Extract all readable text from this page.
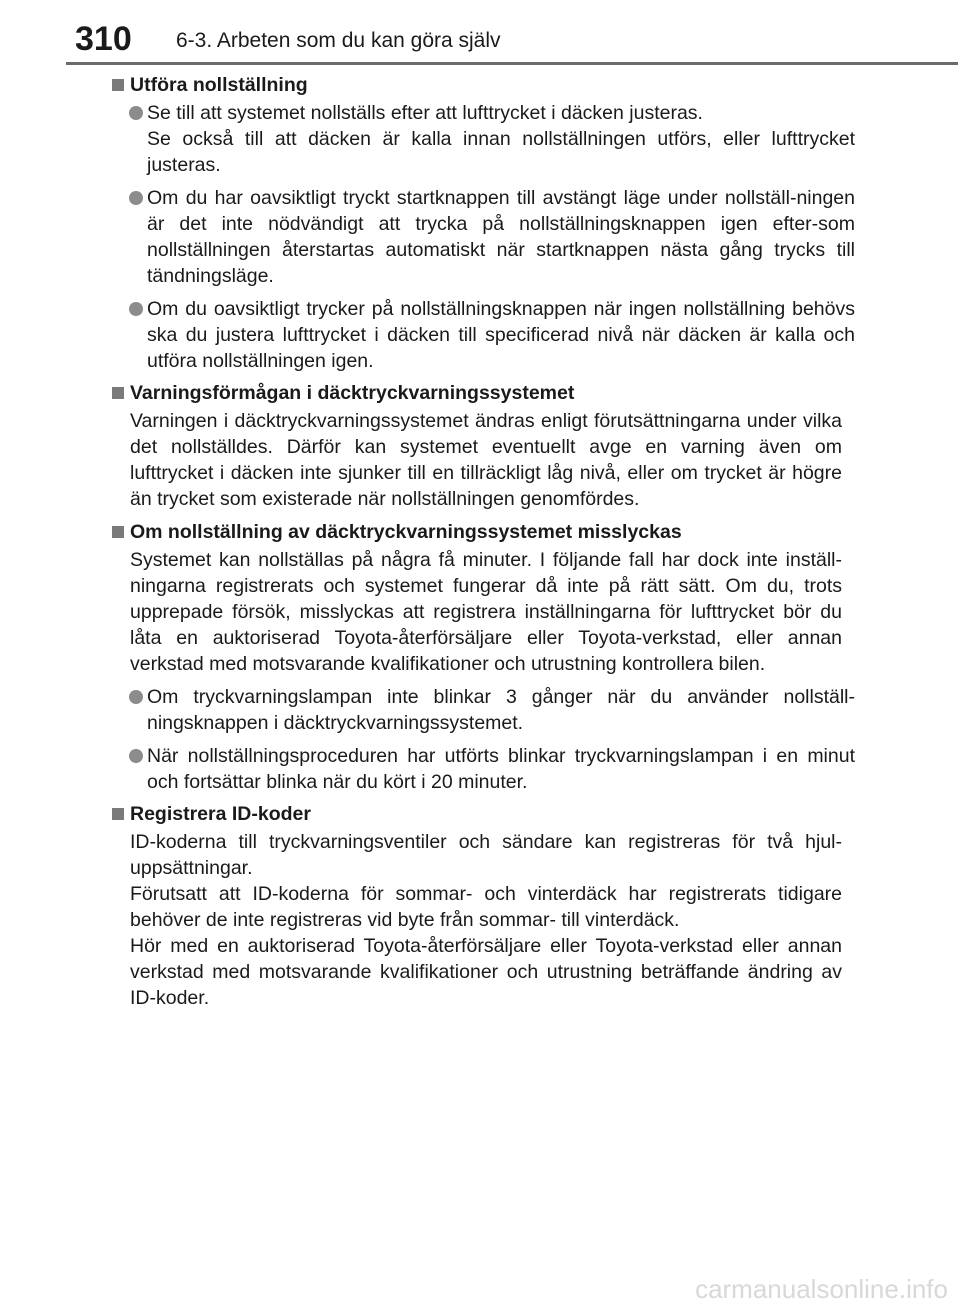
310 6-3. Arbeten som du kan göra själv
Utföra nollställning
Se till att systemet nollställs efter att lufttrycket i däcken justeras.
Se också till att däcken är kalla innan nollställningen utförs, eller lufttrycket justeras.
Om du har oavsiktligt tryckt startknappen till avstängt läge under nollställ-ningen är det inte nödvändigt att trycka på nollställningsknappen igen efter-som nollställningen återstartas automatiskt när startknappen nästa gång trycks till tändningsläge.
Om du oavsiktligt trycker på nollställningsknappen när ingen nollställning behövs ska du justera lufttrycket i däcken till specificerad nivå när däcken är kalla och utföra nollställningen igen.
Varningsförmågan i däcktryckvarningssystemet
Varningen i däcktryckvarningssystemet ändras enligt förutsättningarna under vilka det nollställdes. Därför kan systemet eventuellt avge en varning även om lufttrycket i däcken inte sjunker till en tillräckligt låg nivå, eller om trycket är högre än trycket som existerade när nollställningen genomfördes.
Om nollställning av däcktryckvarningssystemet misslyckas
Systemet kan nollställas på några få minuter. I följande fall har dock inte inställ-ningarna registrerats och systemet fungerar då inte på rätt sätt. Om du, trots upprepade försök, misslyckas att registrera inställningarna för lufttrycket bör du låta en auktoriserad Toyota-återförsäljare eller Toyota-verkstad, eller annan verkstad med motsvarande kvalifikationer och utrustning kontrollera bilen.
Om tryckvarningslampan inte blinkar 3 gånger när du använder nollställ-ningsknappen i däcktryckvarningssystemet.
När nollställningsproceduren har utförts blinkar tryckvarningslampan i en minut och fortsättar blinka när du kört i 20 minuter.
Registrera ID-koder
ID-koderna till tryckvarningsventiler och sändare kan registreras för två hjul-uppsättningar.
Förutsatt att ID-koderna för sommar- och vinterdäck har registrerats tidigare behöver de inte registreras vid byte från sommar- till vinterdäck.
Hör med en auktoriserad Toyota-återförsäljare eller Toyota-verkstad eller annan verkstad med motsvarande kvalifikationer och utrustning beträffande ändring av ID-koder.
carmanualsonline.info
